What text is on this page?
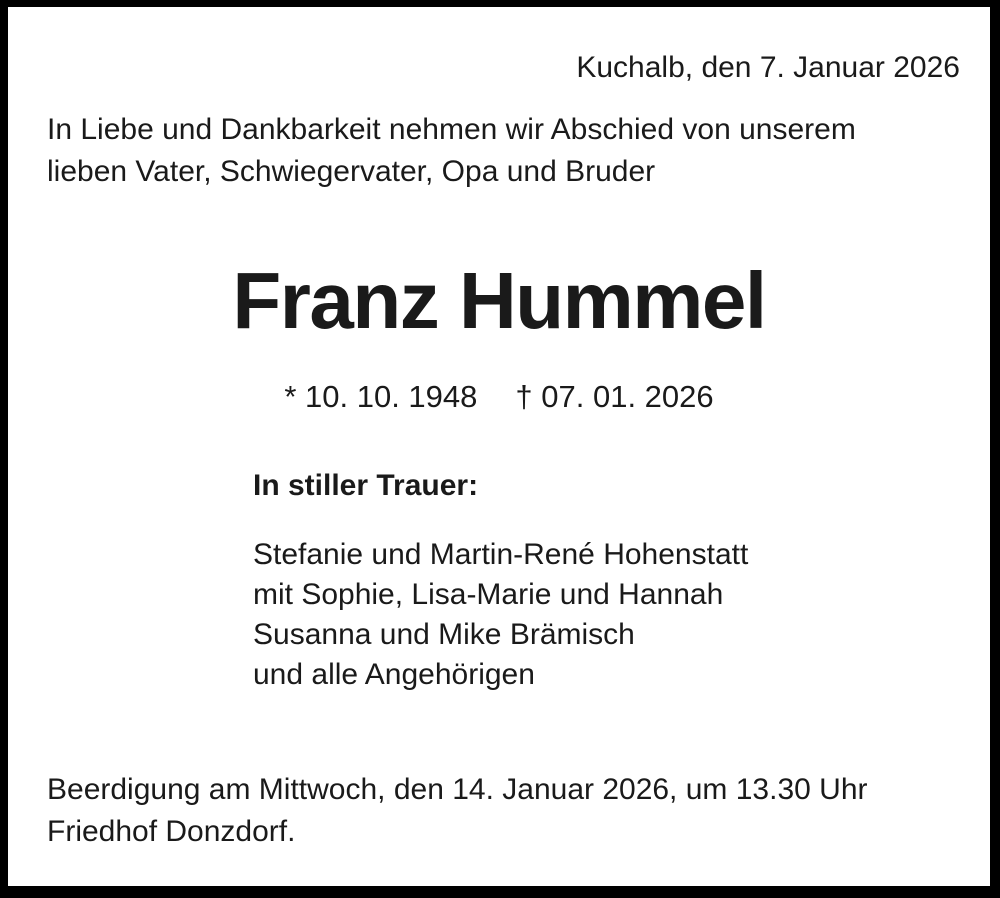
Kuchalb, den 7. Januar 2026
In Liebe und Dankbarkeit nehmen wir Abschied von unserem
lieben Vater, Schwiegervater, Opa und Bruder
Franz Hummel
* 10. 10. 1948 † 07. 01. 2026
In stiller Trauer:
Stefanie und Martin-René Hohenstatt
mit Sophie, Lisa-Marie und Hannah
Susanna und Mike Brämisch
und alle Angehörigen
Beerdigung am Mittwoch, den 14. Januar 2026, um 13.30 Uhr
Friedhof Donzdorf.
